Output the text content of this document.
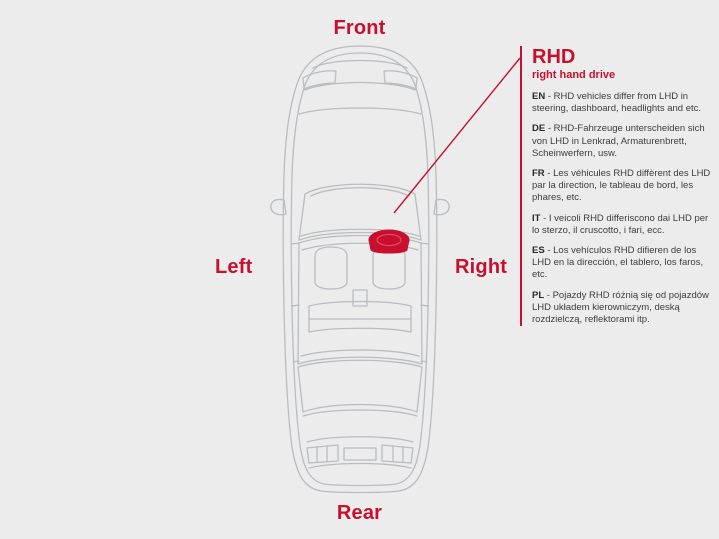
Front
Rear
Left	Right
RHD
right hand drive

EN - RHD vehicles differ from LHD in steering, dashboard, headlights and etc.

DE - RHD-Fahrzeuge unterscheiden sich von LHD in Lenkrad, Armaturenbrett, Scheinwerfern, usw.

FR - Les véhicules RHD diffèrent des LHD par la direction, le tableau de bord, les phares, etc.

IT - I veicoli RHD differiscono dai LHD per lo sterzo, il cruscotto, i fari, ecc.

ES - Los vehículos RHD difieren de los LHD en la dirección, el tablero, los faros, etc.

PL - Pojazdy RHD różnią się od pojazdów LHD układem kierowniczym, deską rozdzielczą, reflektorami itp.
